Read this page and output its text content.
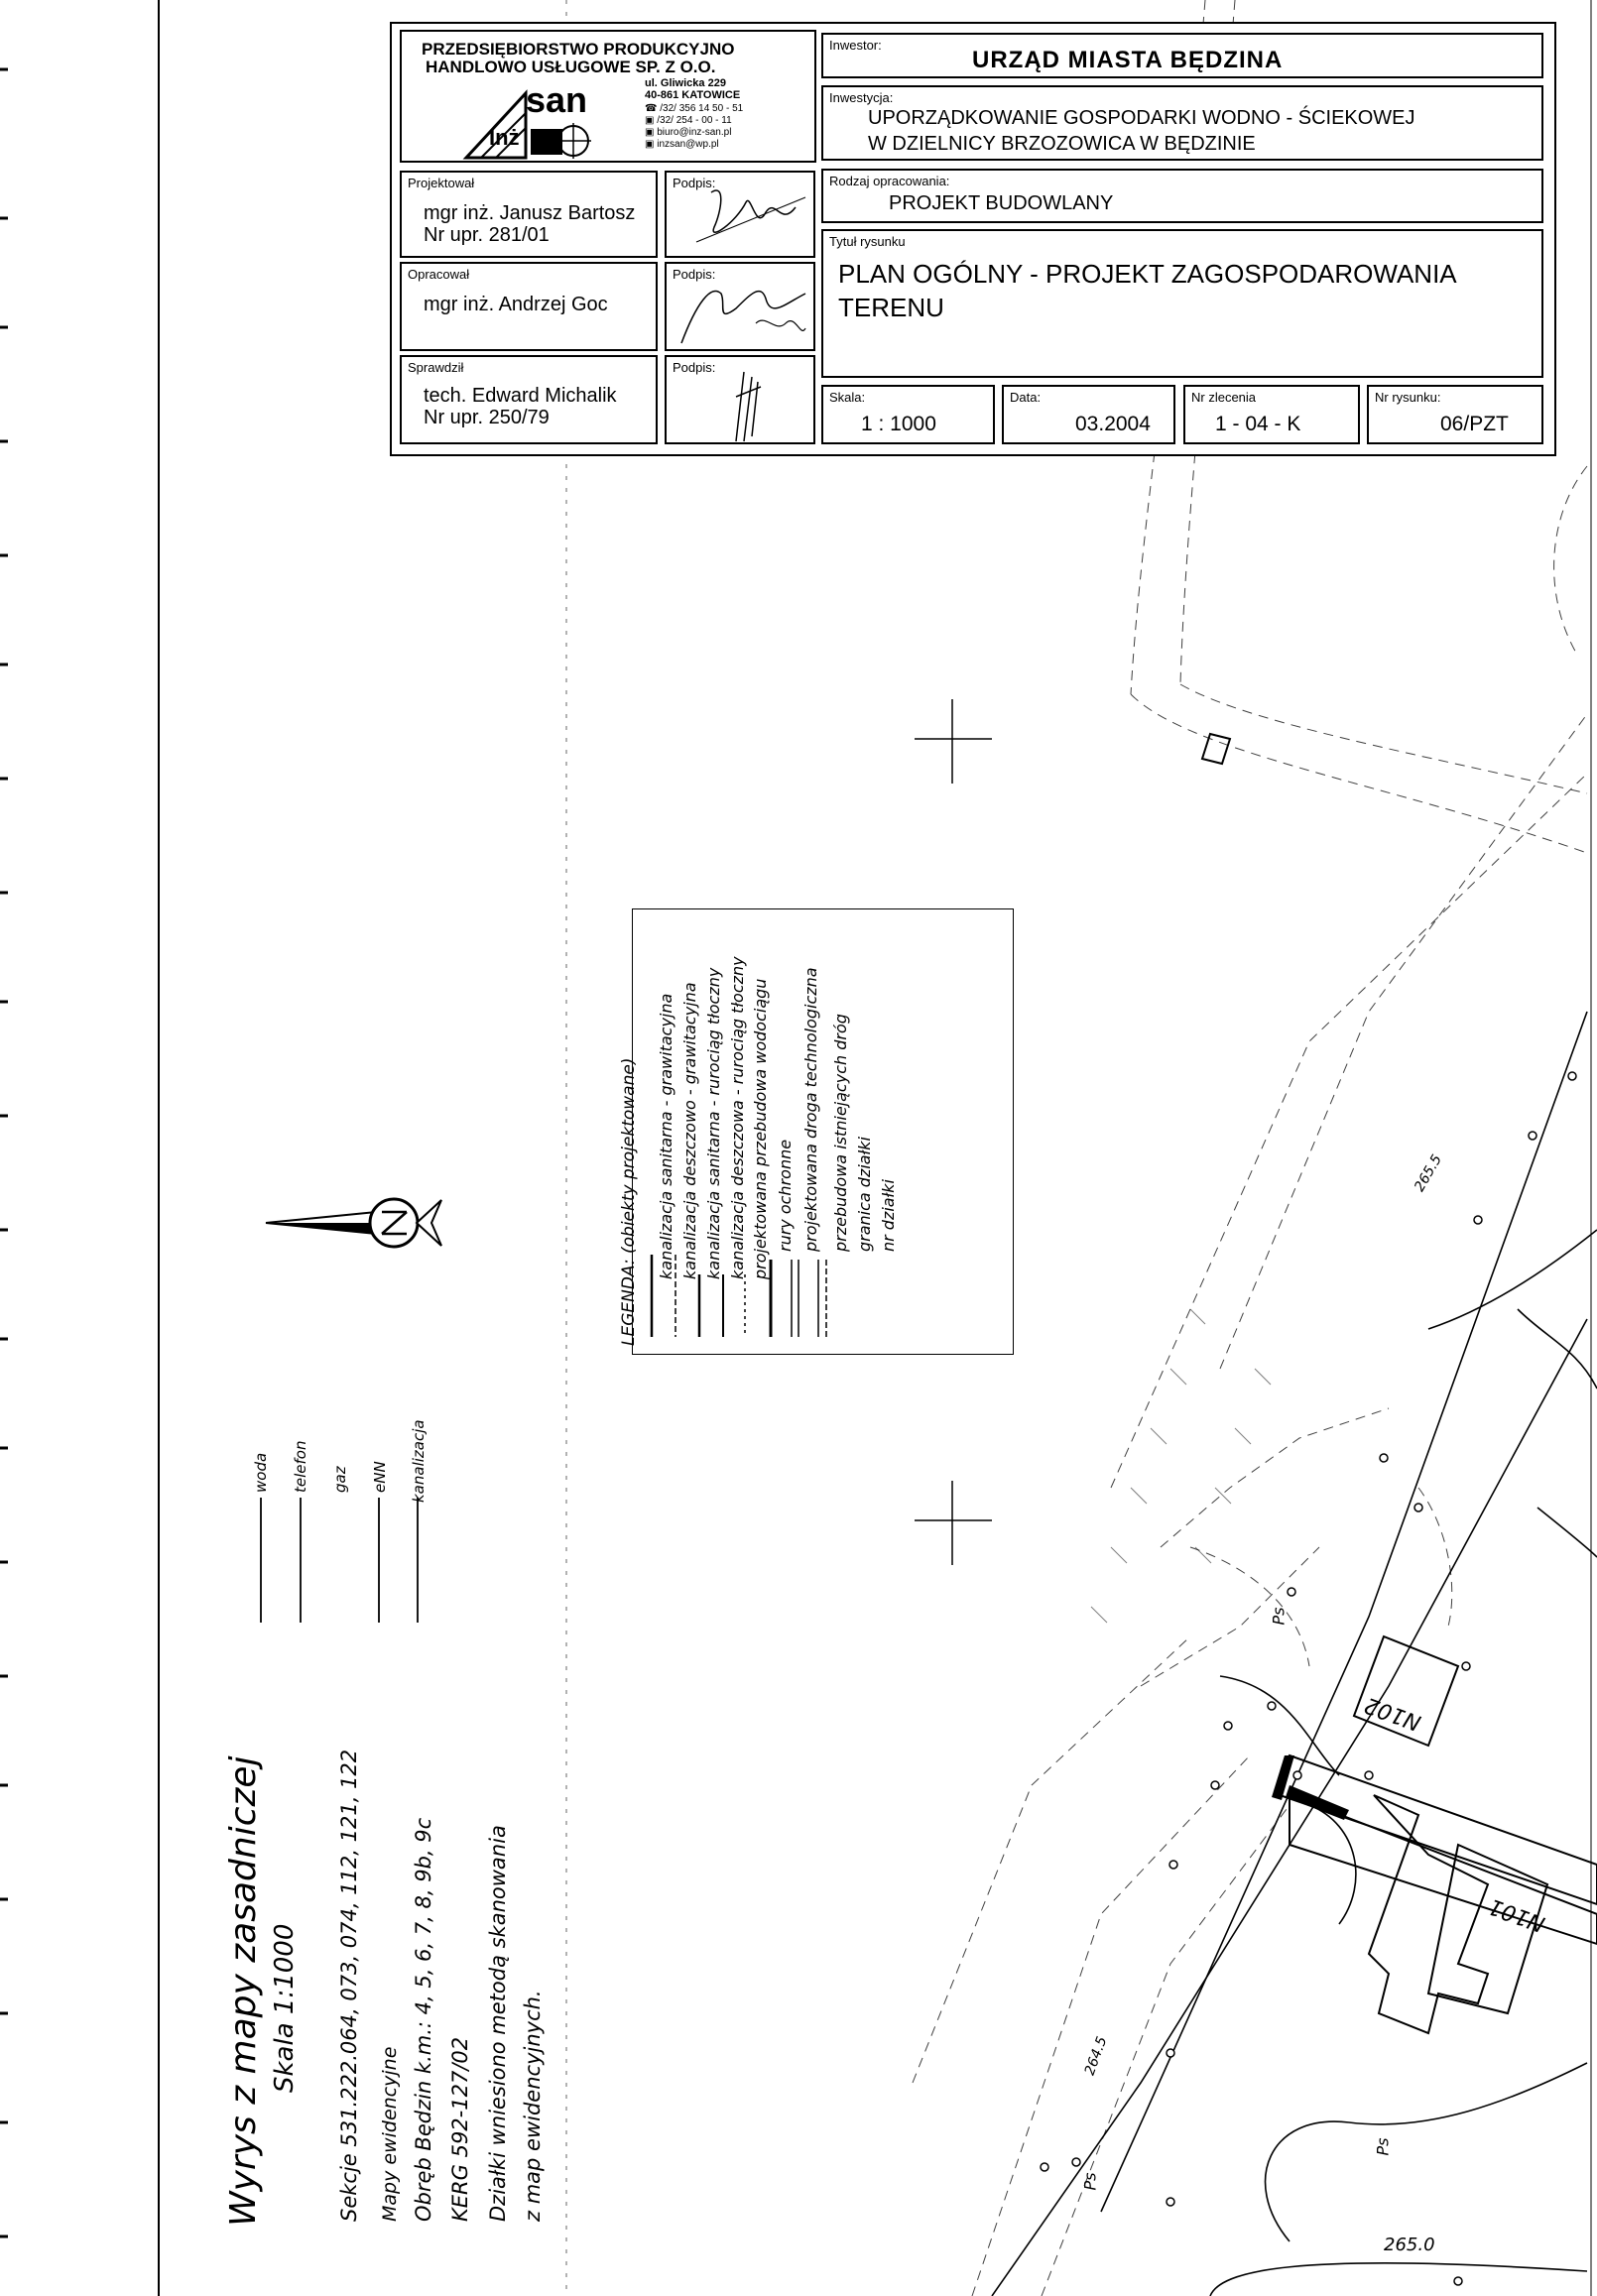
PRZEDSIĘBIORSTWO PRODUKCYJNO
HANDLOWO USŁUGOWE SP. Z O.O.
san
Inż
ul. Gliwicka 229
40-861 KATOWICE
☎ /32/ 356 14 50 - 51
▣ /32/ 254 - 00 - 11
▣ biuro@inz-san.pl
▣ inzsan@wp.pl
Inwestor:
URZĄD MIASTA BĘDZINA
Inwestycja:
UPORZĄDKOWANIE GOSPODARKI WODNO - ŚCIEKOWEJ
W DZIELNICY BRZOZOWICA W BĘDZINIE
Rodzaj opracowania:
PROJEKT BUDOWLANY
Tytuł rysunku
PLAN OGÓLNY - PROJEKT ZAGOSPODAROWANIA
TERENU
Skala:
1 : 1000
Data:
03.2004
Nr zlecenia
1 - 04 - K
Nr rysunku:
06/PZT
Projektował
mgr inż. Janusz Bartosz
Nr upr. 281/01
Podpis:
Opracował
mgr inż. Andrzej Goc
Podpis:
Sprawdził
tech. Edward Michalik
Nr upr. 250/79
Podpis:
LEGENDA: (obiekty projektowane) kanalizacja sanitarna - grawitacyjna kanalizacja deszczowo - grawitacyjna kanalizacja sanitarna - rurociąg tłoczny kanalizacja deszczowa - rurociąg tłoczny projektowana przebudowa wodociągu rury ochronne projektowana droga technologiczna przebudowa istniejących dróg granica działki nr działki
woda telefon gaz eNN kanalizacja
Wyrys z mapy zasadniczej Skala 1:1000 Sekcje 531.222.064, 073, 074, 112, 121, 122 Mapy ewidencyjne Obręb Będzin k.m.: 4, 5, 6, 7, 8, 9b, 9c KERG 592-127/02 Działki wniesiono metodą skanowania z map ewidencyjnych.
N102
N101
265.0
265.5
264.5
Ps
Ps
Ps
